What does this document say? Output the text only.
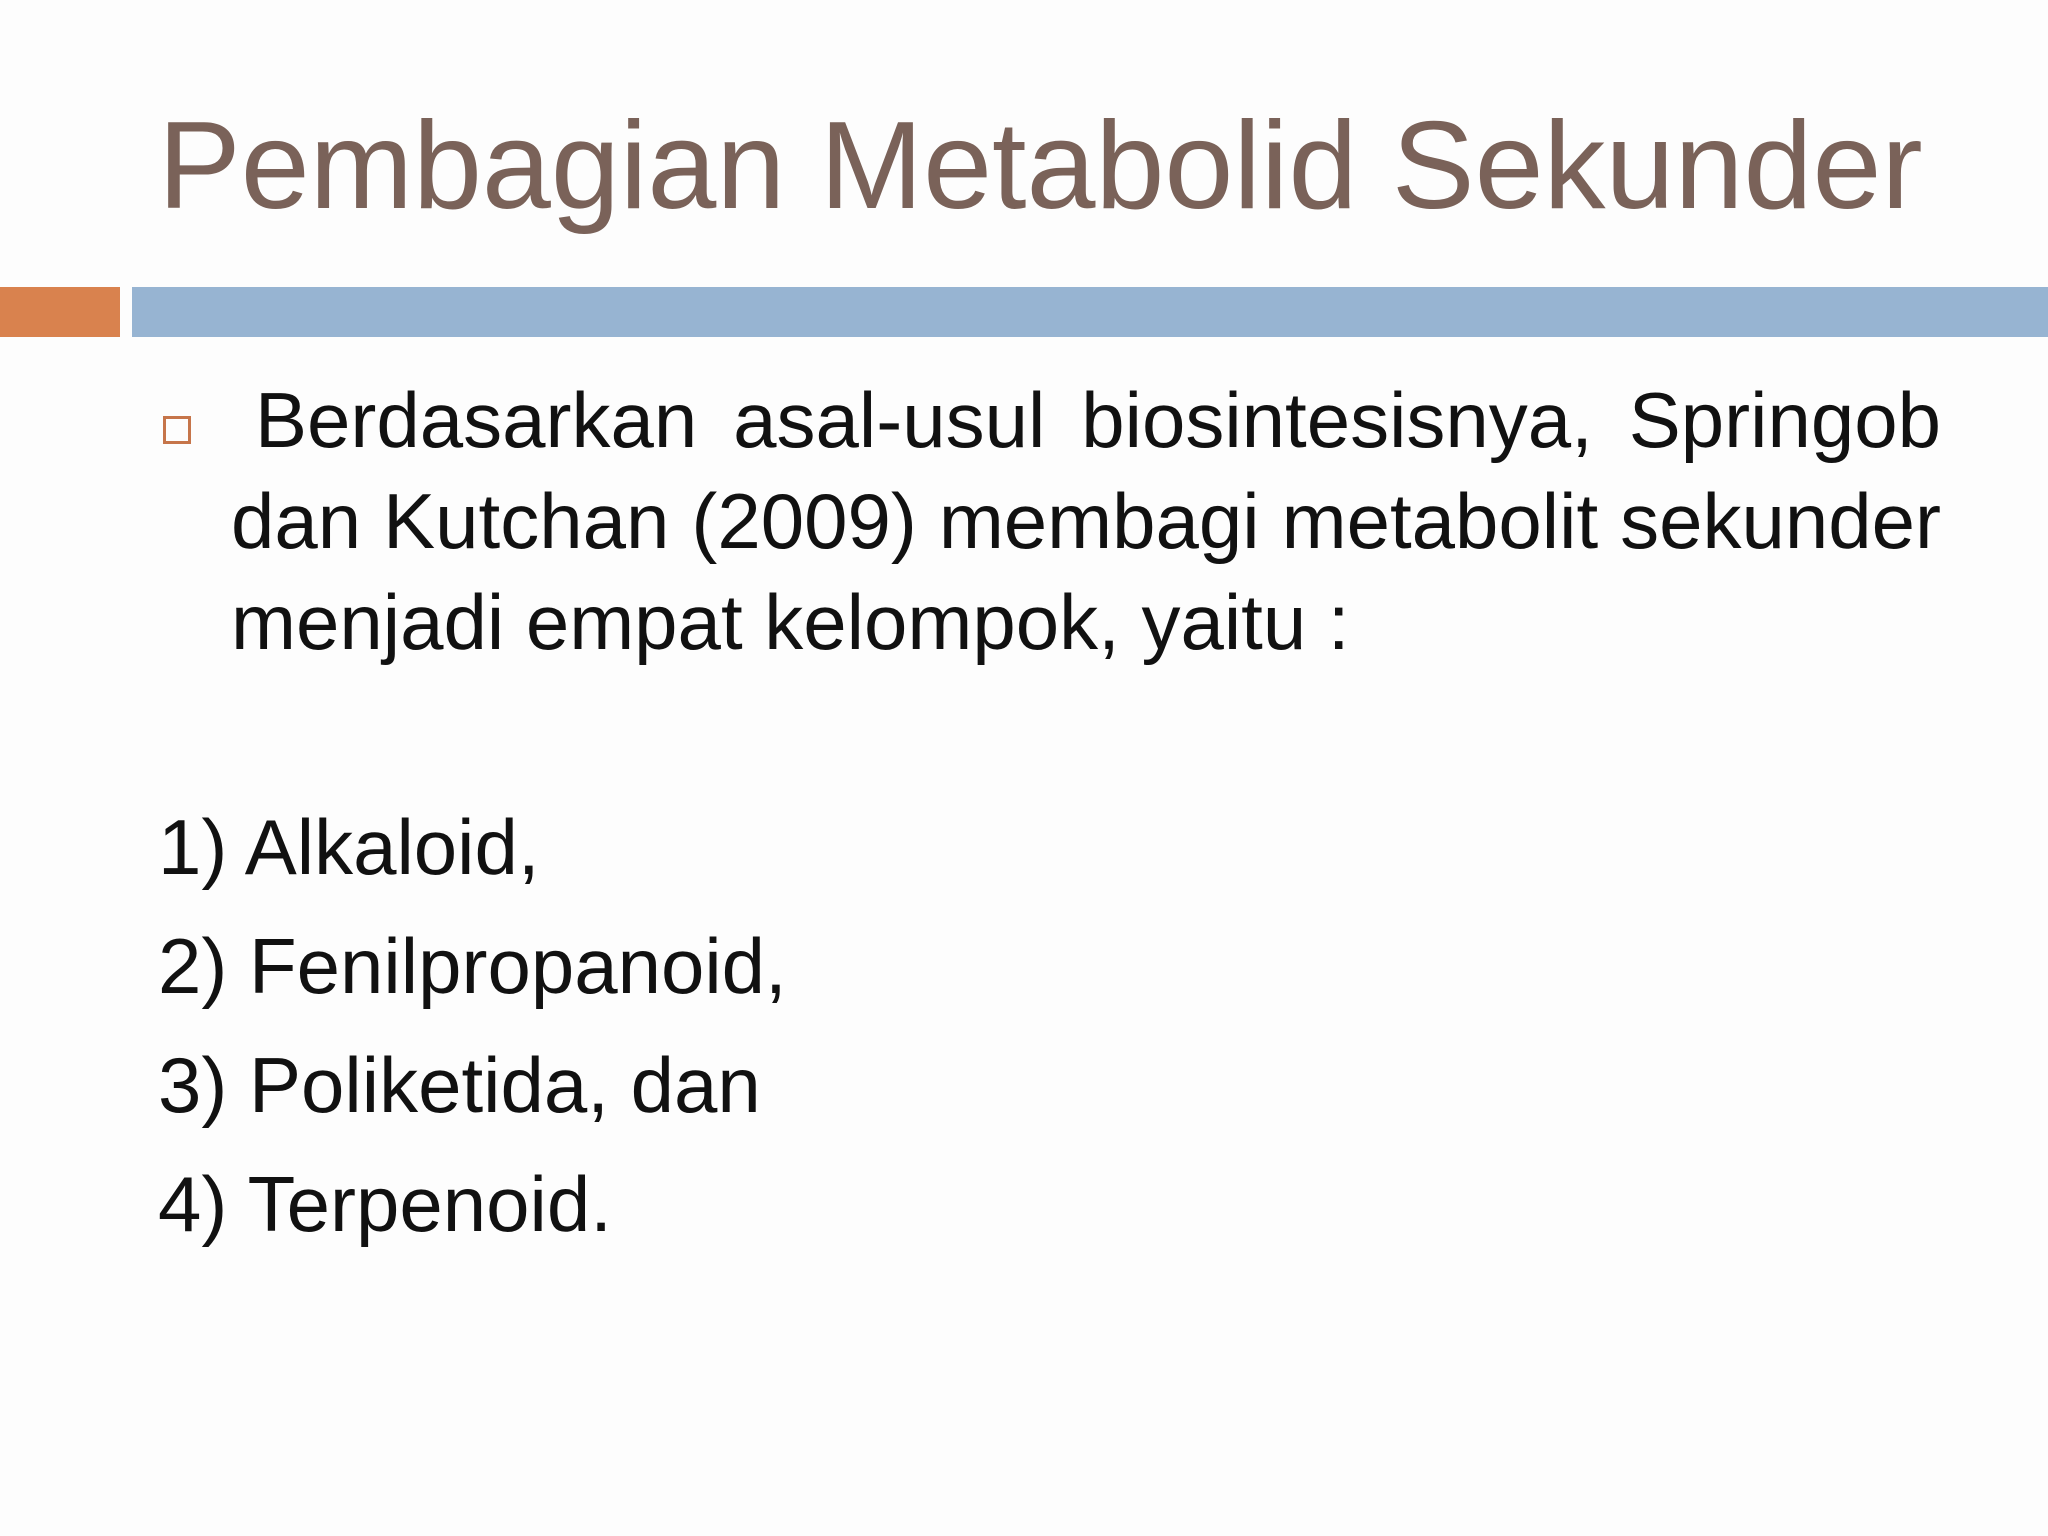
Pembagian Metabolid Sekunder

Berdasarkan asal-usul biosintesisnya, Springob dan Kutchan (2009) membagi metabolit sekunder menjadi empat kelompok, yaitu :

1) Alkaloid,
2) Fenilpropanoid,
3) Poliketida, dan
4) Terpenoid.
